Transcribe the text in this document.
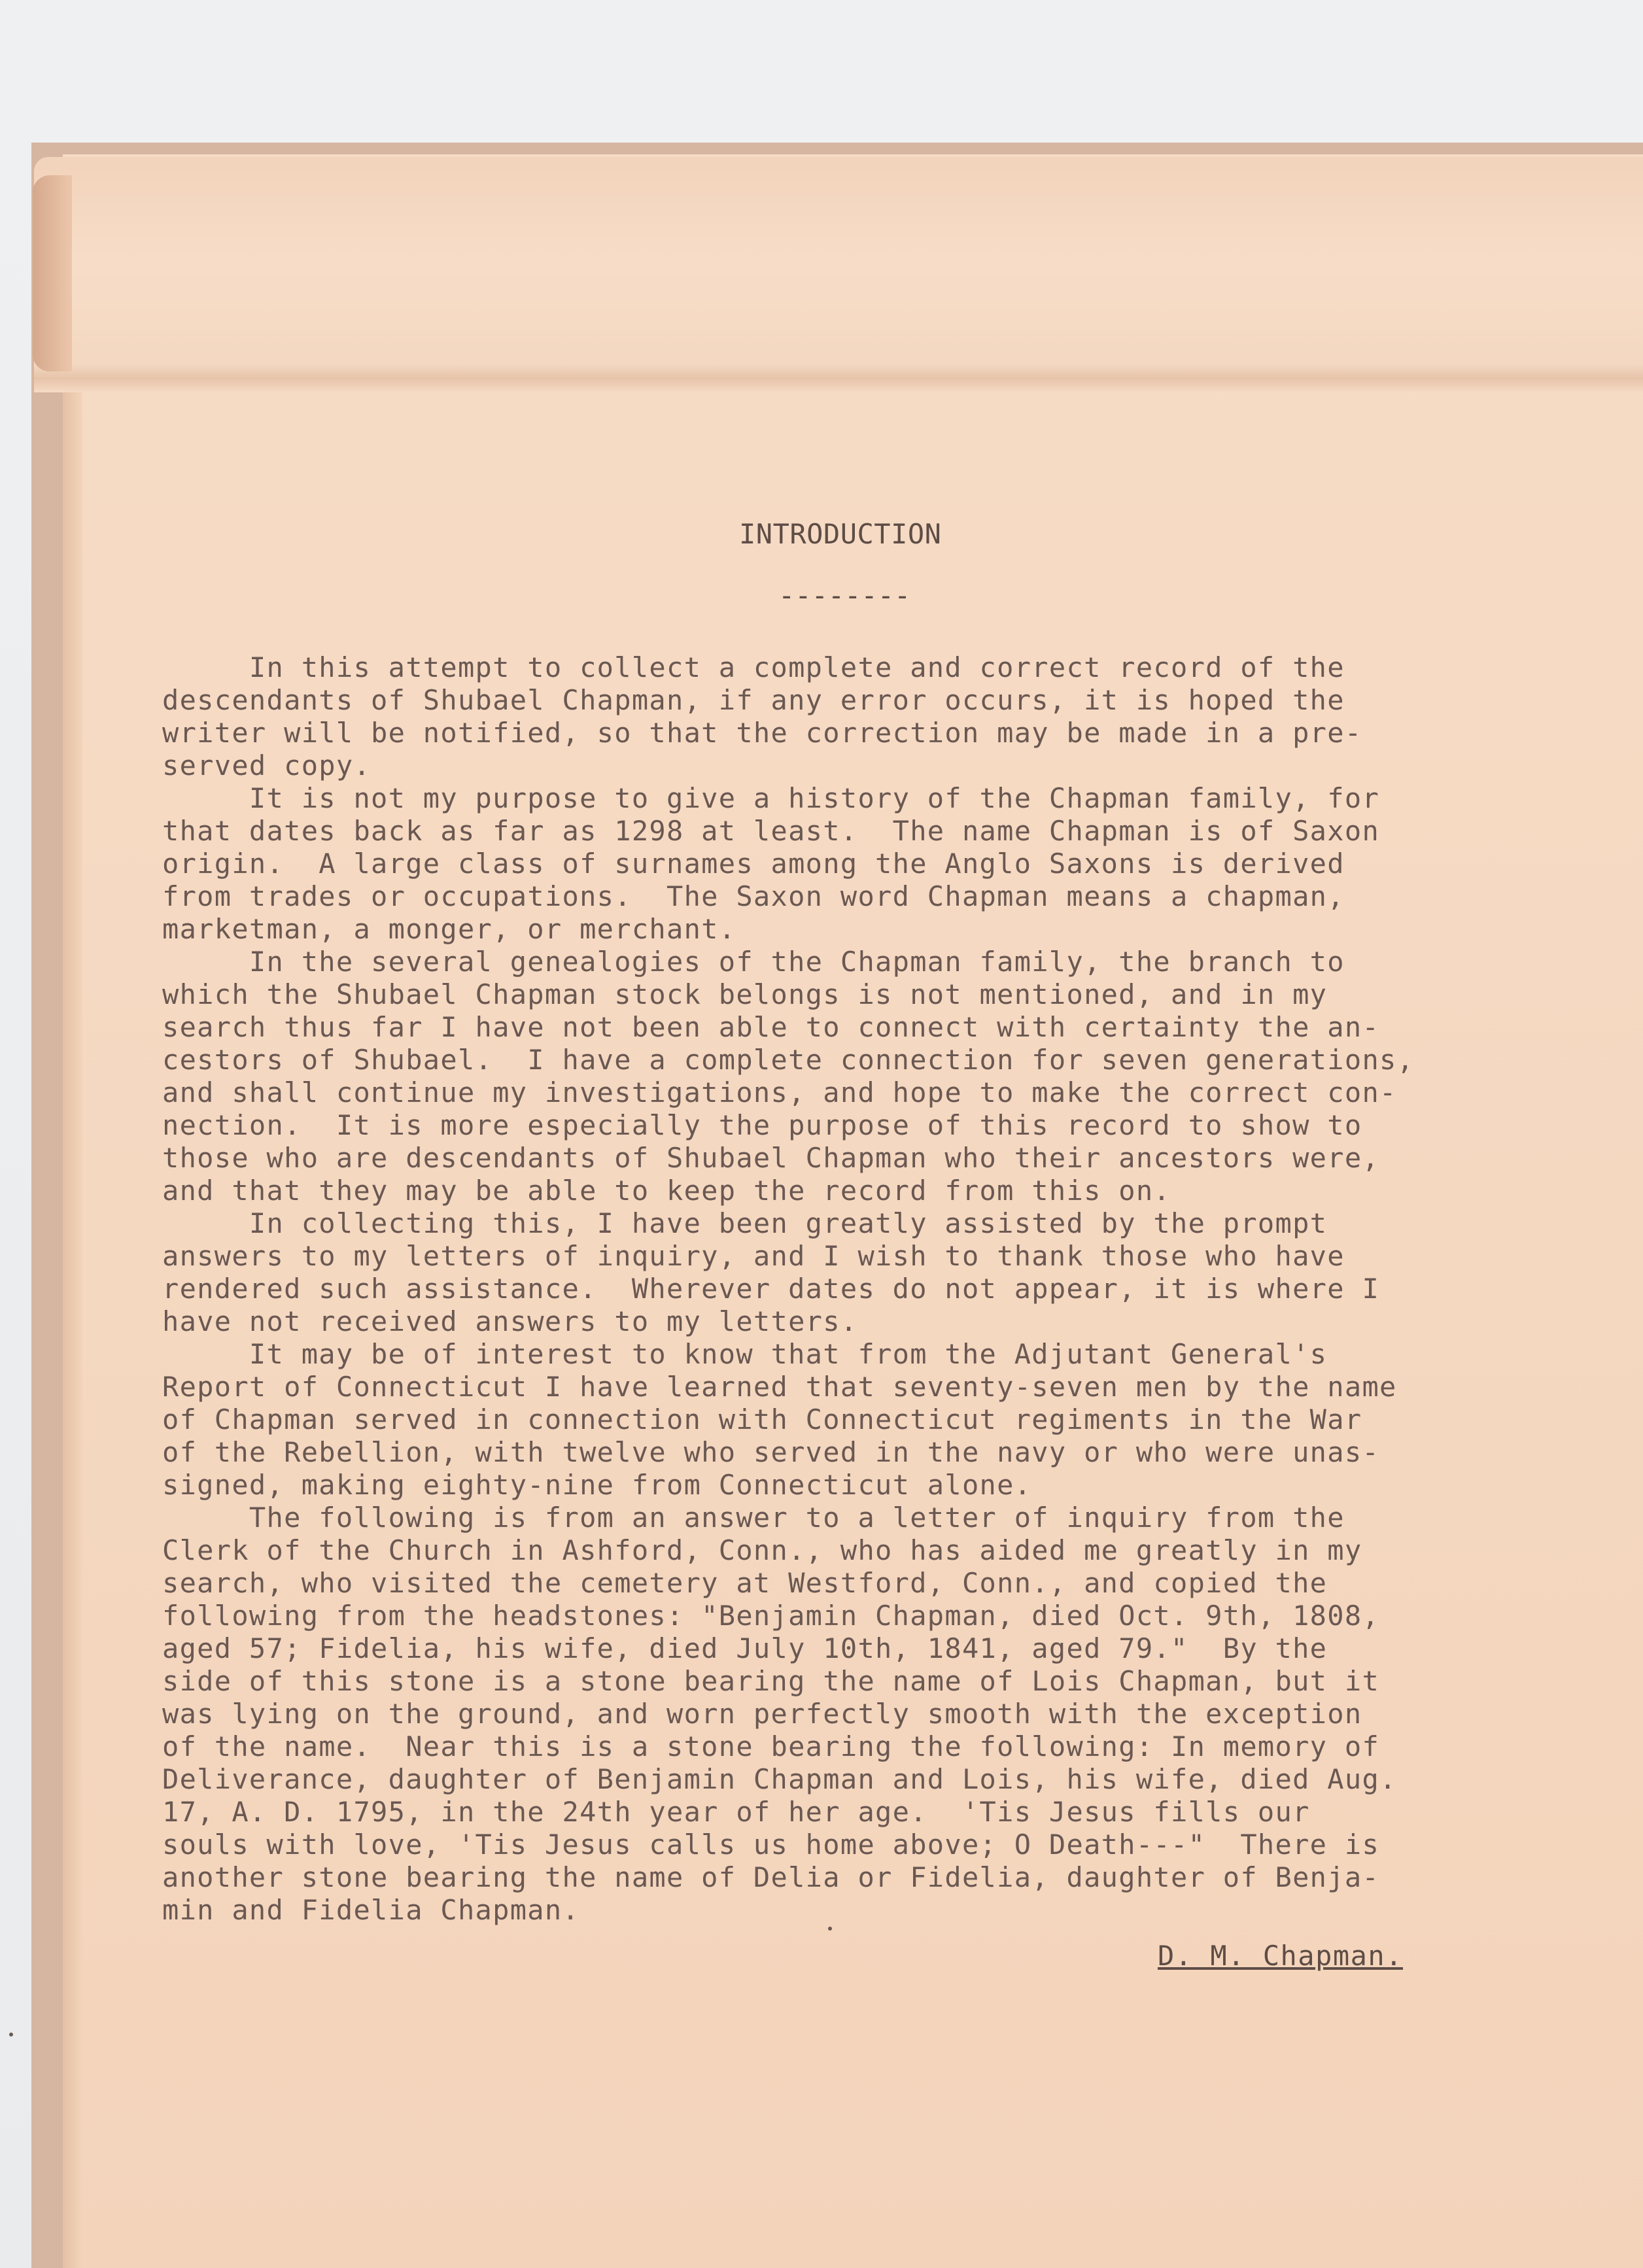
INTRODUCTION
--------
In this attempt to collect a complete and correct record of the
descendants of Shubael Chapman, if any error occurs, it is hoped the
writer will be notified, so that the correction may be made in a pre-
served copy.
It is not my purpose to give a history of the Chapman family, for
that dates back as far as 1298 at least.  The name Chapman is of Saxon
origin.  A large class of surnames among the Anglo Saxons is derived
from trades or occupations.  The Saxon word Chapman means a chapman,
marketman, a monger, or merchant.
In the several genealogies of the Chapman family, the branch to
which the Shubael Chapman stock belongs is not mentioned, and in my
search thus far I have not been able to connect with certainty the an-
cestors of Shubael.  I have a complete connection for seven generations,
and shall continue my investigations, and hope to make the correct con-
nection.  It is more especially the purpose of this record to show to
those who are descendants of Shubael Chapman who their ancestors were,
and that they may be able to keep the record from this on.
In collecting this, I have been greatly assisted by the prompt
answers to my letters of inquiry, and I wish to thank those who have
rendered such assistance.  Wherever dates do not appear, it is where I
have not received answers to my letters.
It may be of interest to know that from the Adjutant General's
Report of Connecticut I have learned that seventy-seven men by the name
of Chapman served in connection with Connecticut regiments in the War
of the Rebellion, with twelve who served in the navy or who were unas-
signed, making eighty-nine from Connecticut alone.
The following is from an answer to a letter of inquiry from the
Clerk of the Church in Ashford, Conn., who has aided me greatly in my
search, who visited the cemetery at Westford, Conn., and copied the
following from the headstones: "Benjamin Chapman, died Oct. 9th, 1808,
aged 57; Fidelia, his wife, died July 10th, 1841, aged 79."  By the
side of this stone is a stone bearing the name of Lois Chapman, but it
was lying on the ground, and worn perfectly smooth with the exception
of the name.  Near this is a stone bearing the following: In memory of
Deliverance, daughter of Benjamin Chapman and Lois, his wife, died Aug.
17, A. D. 1795, in the 24th year of her age.  'Tis Jesus fills our
souls with love, 'Tis Jesus calls us home above; O Death---"  There is
another stone bearing the name of Delia or Fidelia, daughter of Benja-
min and Fidelia Chapman.
D. M. Chapman.
